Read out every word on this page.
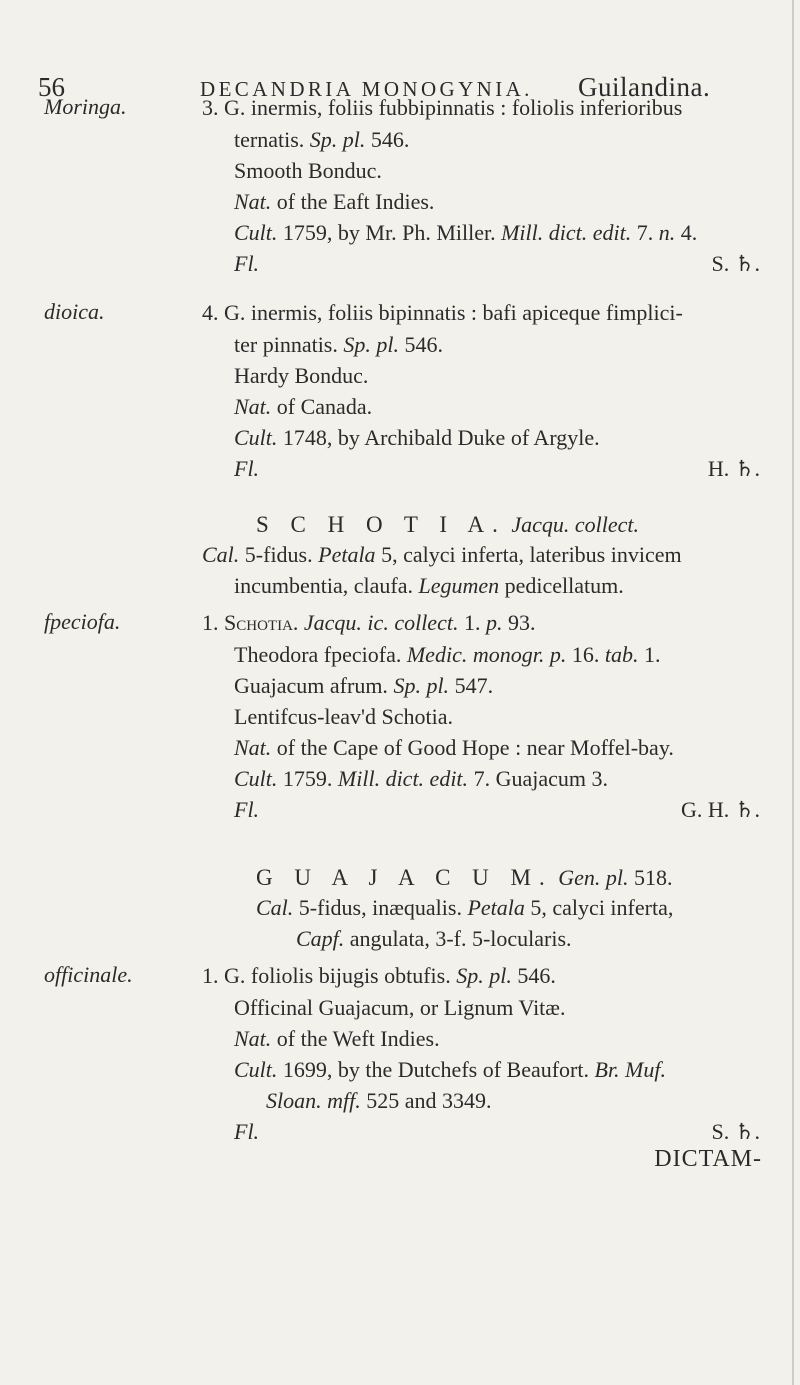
56	DECANDRIA MONOGYNIA. Guilandina.
Moringa.	3. G. inermis, foliis fubbipinnatis : foliolis inferioribus
ternatis. Sp. pl. 546.
Smooth Bonduc.
Nat. of the Eaft Indies.
Cult. 1759, by Mr. Ph. Miller. Mill. dict. edit. 7. n. 4.
Fl.	S. ♄.
dioica.	4. G. inermis, foliis bipinnatis : bafi apiceque fimplici-
ter pinnatis. Sp. pl. 546.
Hardy Bonduc.
Nat. of Canada.
Cult. 1748, by Archibald Duke of Argyle.
Fl.	H. ♄.
S C H O T I A. Jacqu. collect.
Cal. 5-fidus. Petala 5, calyci inferta, lateribus invicem
incumbentia, claufa. Legumen pedicellatum.
fpeciofa.	1. Schotia. Jacqu. ic. collect. 1. p. 93.
Theodora fpeciofa. Medic. monogr. p. 16. tab. 1.
Guajacum afrum. Sp. pl. 547.
Lentifcus-leav'd Schotia.
Nat. of the Cape of Good Hope : near Moffel-bay.
Cult. 1759. Mill. dict. edit. 7. Guajacum 3.
Fl.	G. H. ♄.
G U A J A C U M. Gen. pl. 518.
Cal. 5-fidus, inæqualis. Petala 5, calyci inferta,
Capf. angulata, 3-f. 5-locularis.
officinale.	1. G. foliolis bijugis obtufis. Sp. pl. 546.
Officinal Guajacum, or Lignum Vitæ.
Nat. of the Weft Indies.
Cult. 1699, by the Dutchefs of Beaufort. Br. Muf.
Sloan. mff. 525 and 3349.
Fl.	S. ♄.
DICTAM-
